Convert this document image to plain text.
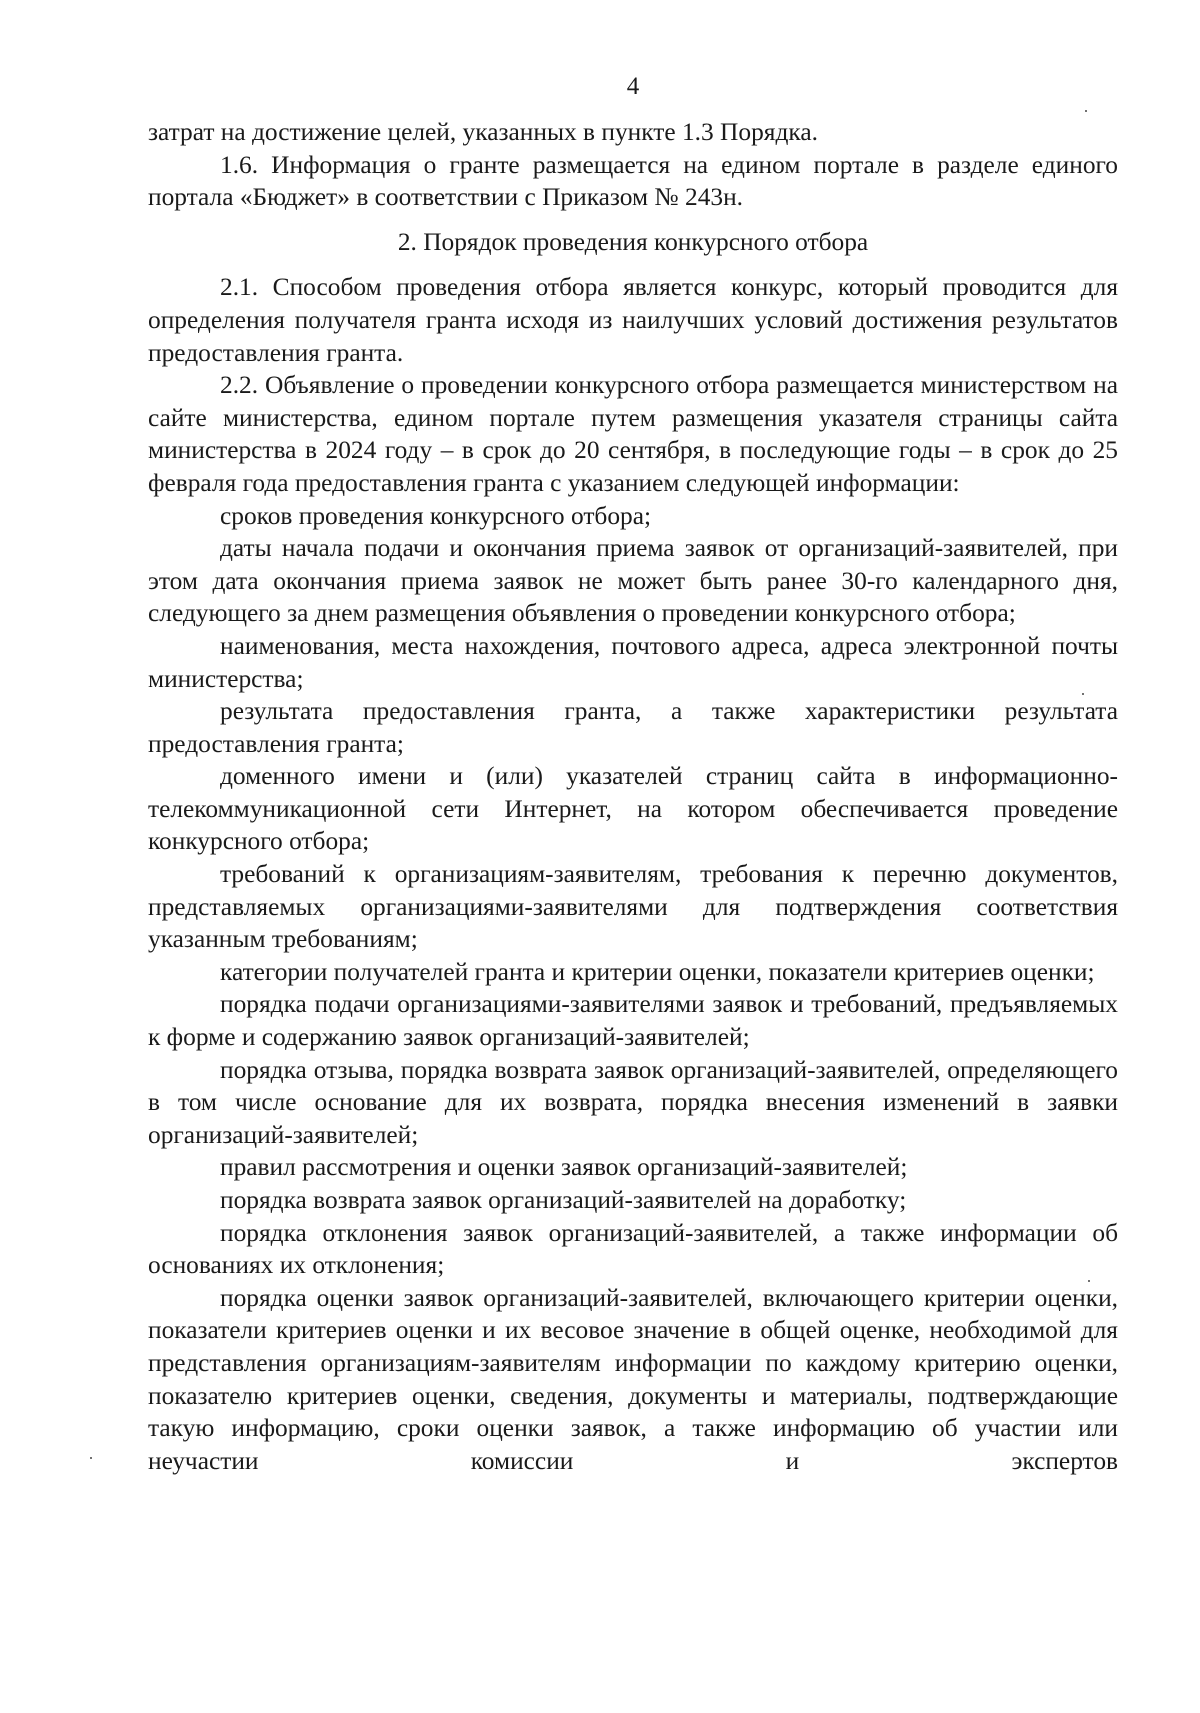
4

затрат на достижение целей, указанных в пункте 1.3 Порядка.

1.6. Информация о гранте размещается на едином портале в разделе единого портала «Бюджет» в соответствии с Приказом № 243н.

2. Порядок проведения конкурсного отбора

2.1. Способом проведения отбора является конкурс, который проводится для определения получателя гранта исходя из наилучших условий достижения результатов предоставления гранта.

2.2. Объявление о проведении конкурсного отбора размещается министерством на сайте министерства, едином портале путем размещения указателя страницы сайта министерства в 2024 году – в срок до 20 сентября, в последующие годы – в срок до 25 февраля года предоставления гранта с указанием следующей информации:

сроков проведения конкурсного отбора;

даты начала подачи и окончания приема заявок от организаций-заявителей, при этом дата окончания приема заявок не может быть ранее 30-го календарного дня, следующего за днем размещения объявления о проведении конкурсного отбора;

наименования, места нахождения, почтового адреса, адреса электронной почты министерства;

результата предоставления гранта, а также характеристики результата предоставления гранта;

доменного имени и (или) указателей страниц сайта в информационно-телекоммуникационной сети Интернет, на котором обеспечивается проведение конкурсного отбора;

требований к организациям-заявителям, требования к перечню документов, представляемых организациями-заявителями для подтверждения соответствия указанным требованиям;

категории получателей гранта и критерии оценки, показатели критериев оценки;

порядка подачи организациями-заявителями заявок и требований, предъявляемых к форме и содержанию заявок организаций-заявителей;

порядка отзыва, порядка возврата заявок организаций-заявителей, определяющего в том числе основание для их возврата, порядка внесения изменений в заявки организаций-заявителей;

правил рассмотрения и оценки заявок организаций-заявителей;

порядка возврата заявок организаций-заявителей на доработку;

порядка отклонения заявок организаций-заявителей, а также информации об основаниях их отклонения;

порядка оценки заявок организаций-заявителей, включающего критерии оценки, показатели критериев оценки и их весовое значение в общей оценке, необходимой для представления организациям-заявителям информации по каждому критерию оценки, показателю критериев оценки, сведения, документы и материалы, подтверждающие такую информацию, сроки оценки заявок, а также информацию об участии или неучастии комиссии и экспертов
